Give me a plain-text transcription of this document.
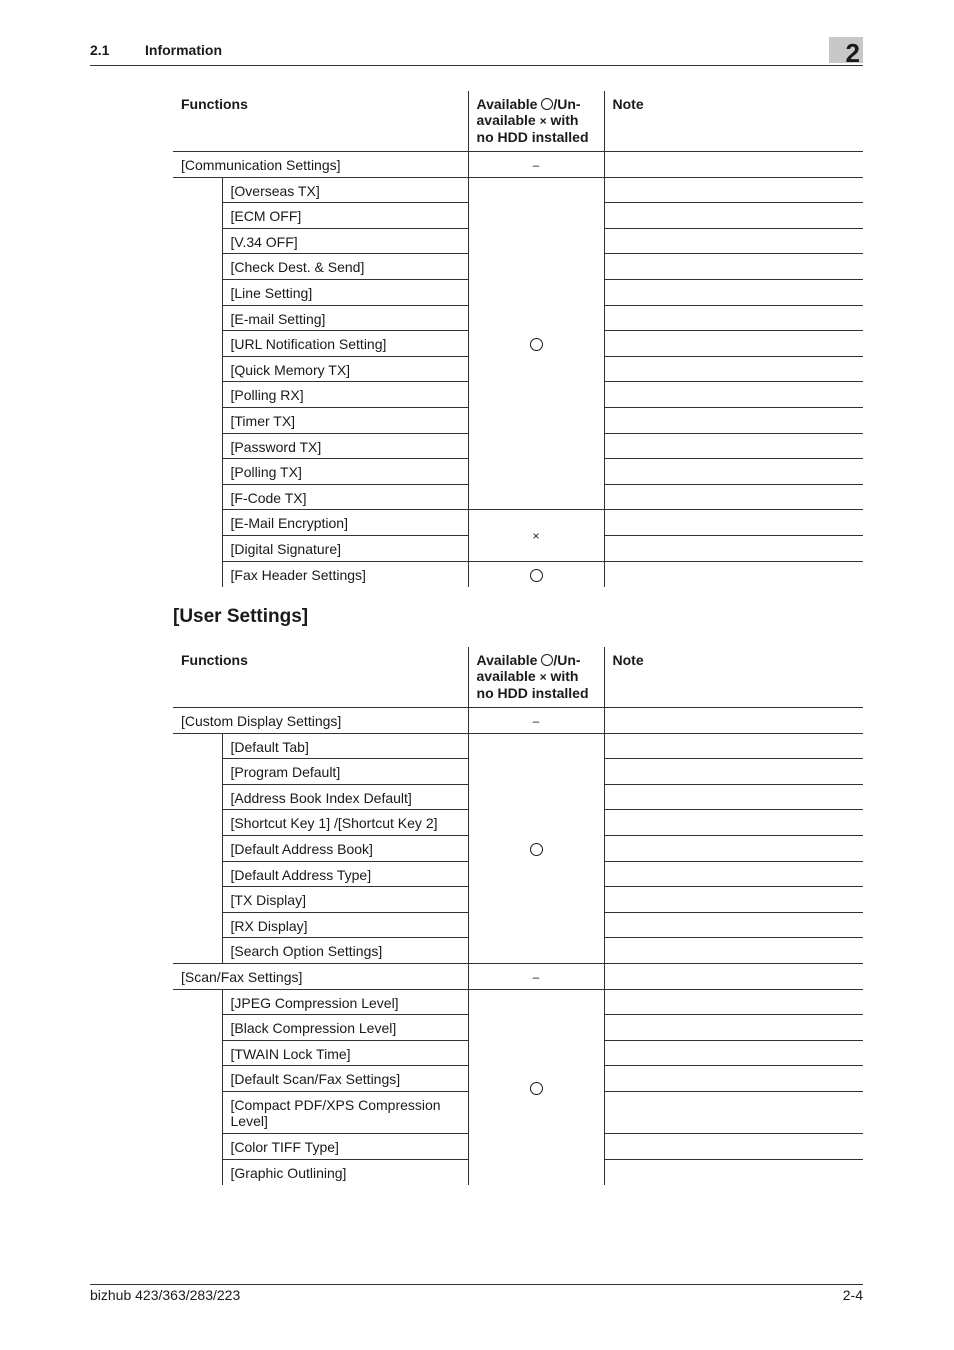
2.1	Information	2
Functions		Available /Un-
available × with
no HDD installed	Note
[Communication Settings]		–	
	[Overseas TX]		
	[ECM OFF]		
	[V.34 OFF]		
	[Check Dest. & Send]		
	[Line Setting]		
	[E-mail Setting]		
	[URL Notification Setting]		
	[Quick Memory TX]		
	[Polling RX]		
	[Timer TX]		
	[Password TX]		
	[Polling TX]		
	[F-Code TX]		
	[E-Mail Encryption]	×	
	[Digital Signature]		
	[Fax Header Settings]		
[User Settings]
Functions		Available /Un-
available × with
no HDD installed	Note
[Custom Display Settings]		–	
	[Default Tab]		
	[Program Default]		
	[Address Book Index Default]		
	[Shortcut Key 1] /[Shortcut Key 2]		
	[Default Address Book]		
	[Default Address Type]		
	[TX Display]		
	[RX Display]		
	[Search Option Settings]		
[Scan/Fax Settings]		–	
	[JPEG Compression Level]		
	[Black Compression Level]		
	[TWAIN Lock Time]		
	[Default Scan/Fax Settings]		
	[Compact PDF/XPS Compression Level]		
	[Color TIFF Type]		
	[Graphic Outlining]		
bizhub 423/363/283/223	2-4
